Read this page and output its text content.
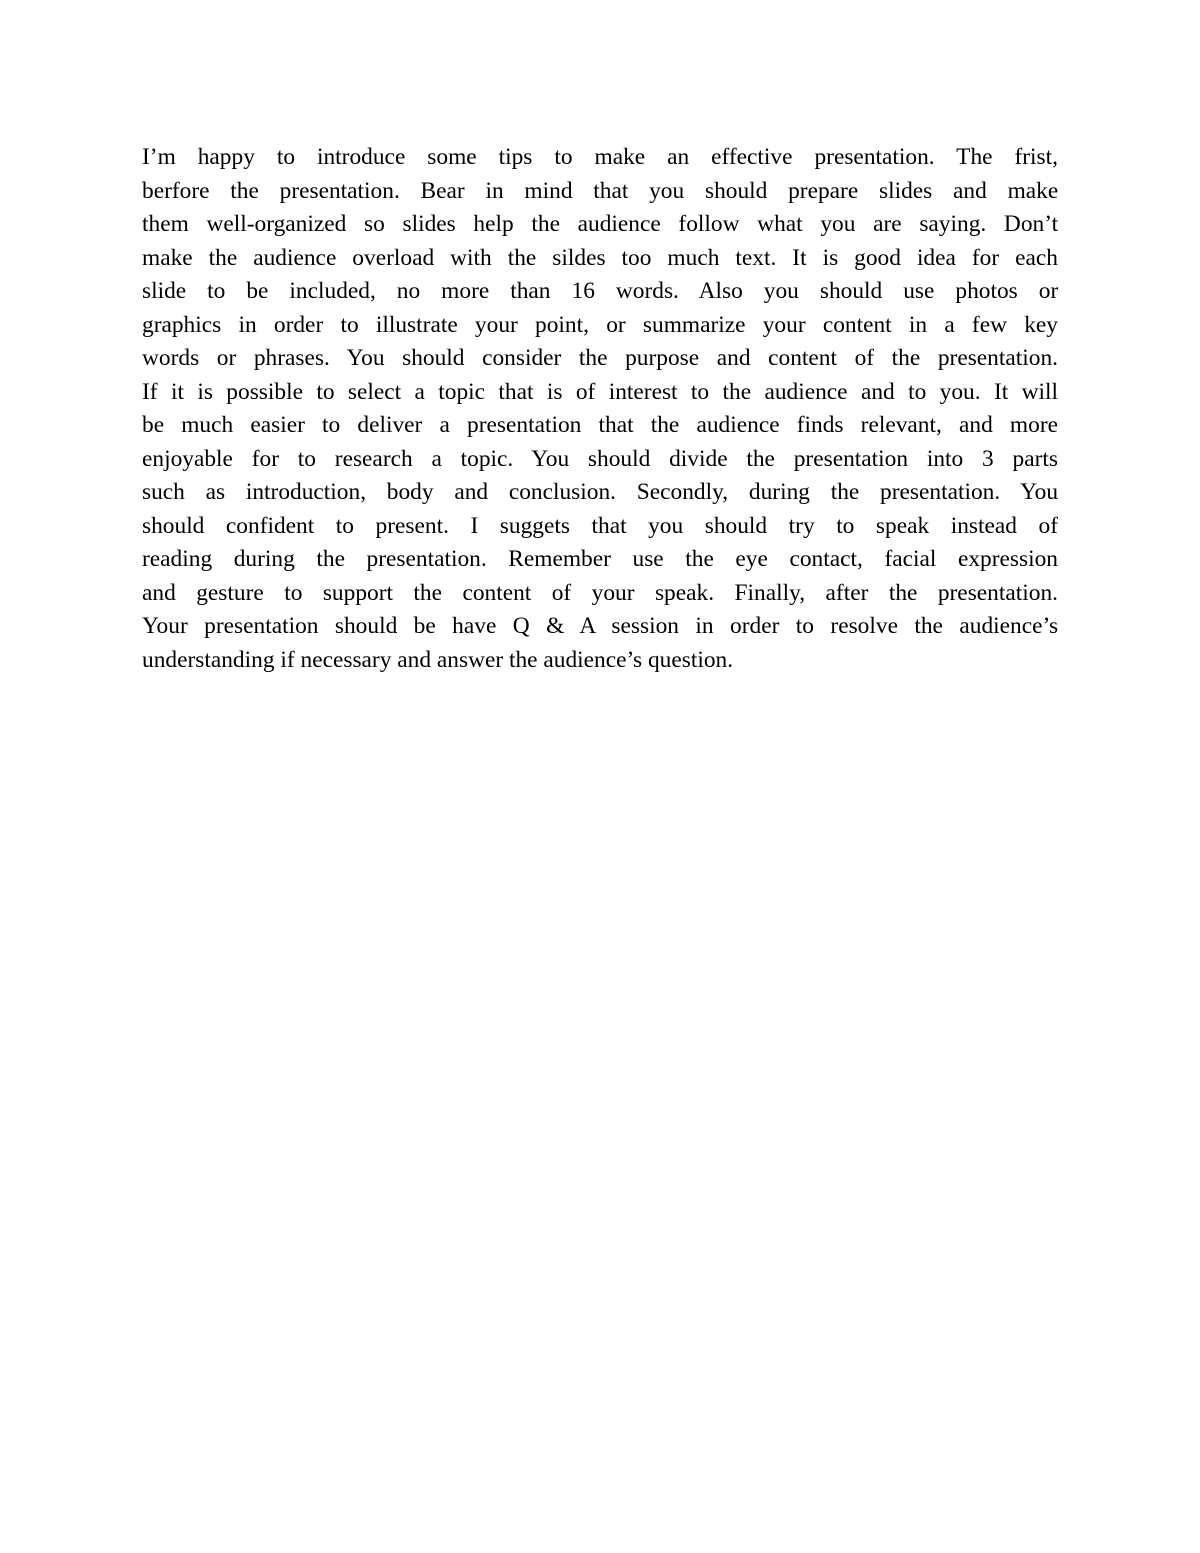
I’m happy to introduce some tips to make an effective presentation. The frist,
berfore the presentation. Bear in mind that you should prepare slides and make
them well-organized so slides help the audience follow what you are saying. Don’t
make the audience overload with the sildes too much text. It is good idea for each
slide to be included, no more than 16 words. Also you should use photos or
graphics in order to illustrate your point, or summarize your content in a few key
words or phrases. You should consider the purpose and content of the presentation.
If it is possible to select a topic that is of interest to the audience and to you. It will
be much easier to deliver a presentation that the audience finds relevant, and more
enjoyable for to research a topic. You should divide the presentation into 3 parts
such as introduction, body and conclusion. Secondly, during the presentation. You
should confident to present. I suggets that you should try to speak instead of
reading during the presentation. Remember use the eye contact, facial expression
and gesture to support the content of your speak. Finally, after the presentation.
Your presentation should be have Q & A session in order to resolve the audience’s
understanding if necessary and answer the audience’s question.
